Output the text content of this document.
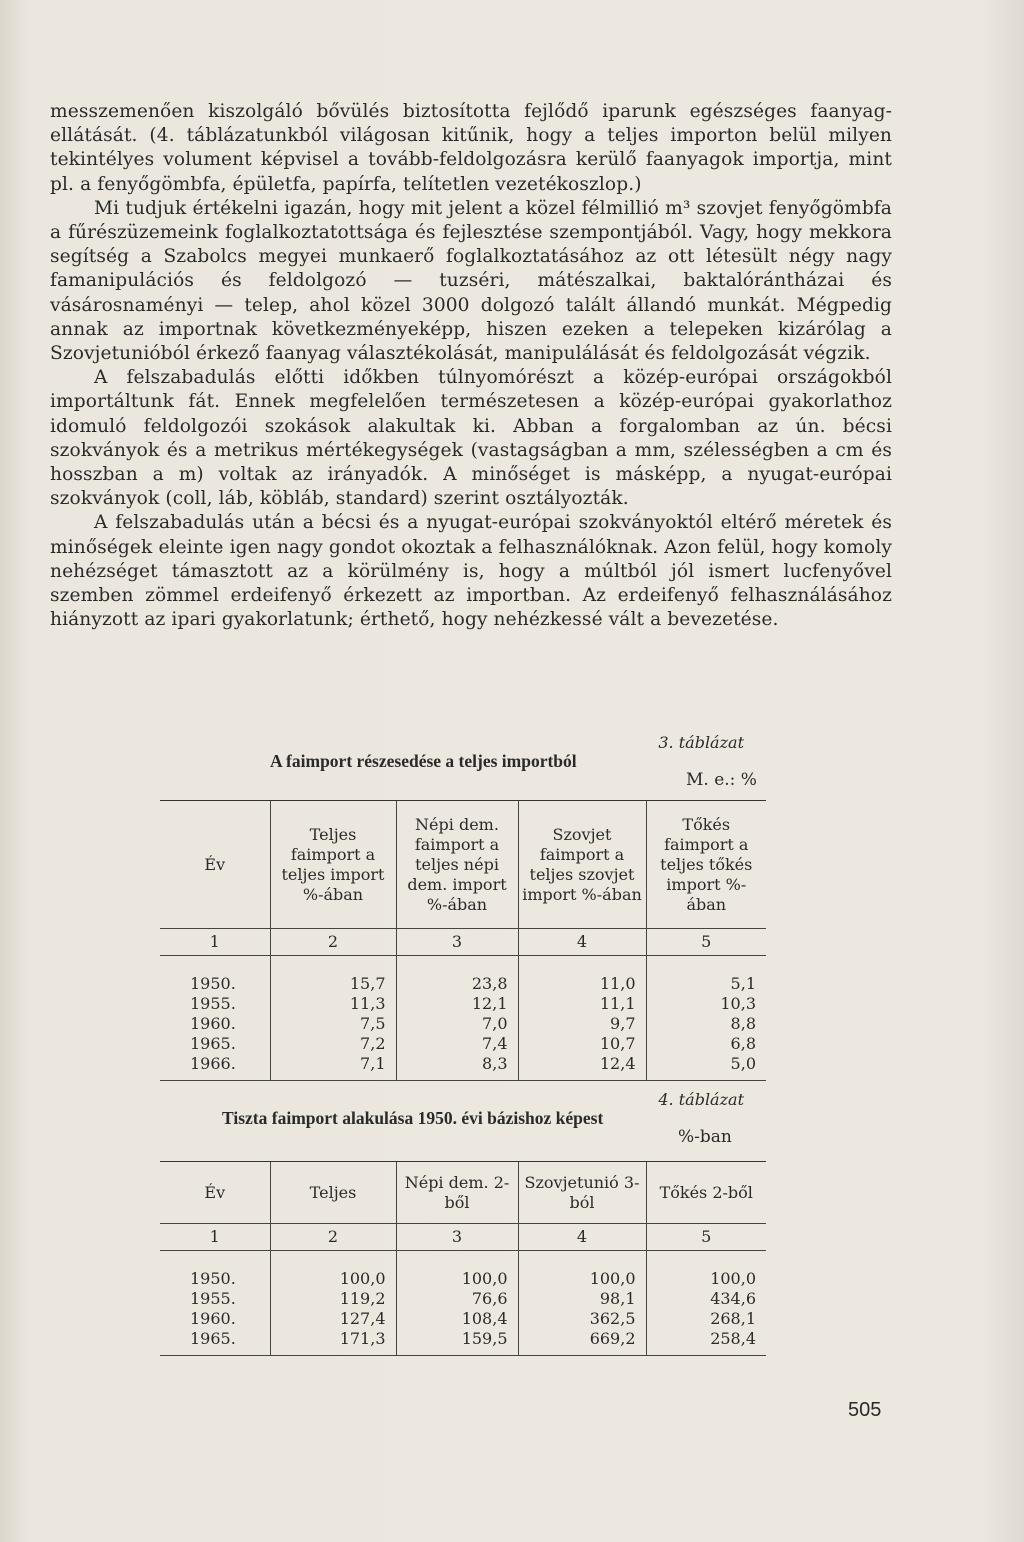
messzemenően kiszolgáló bővülés biztosította fejlődő iparunk egészséges faanyag-ellátását. (4. táblázatunkból világosan kitűnik, hogy a teljes importon belül milyen tekintélyes volument képvisel a tovább-feldolgozásra kerülő faanyagok importja, mint pl. a fenyőgömbfa, épületfa, papírfa, telítetlen vezetékoszlop.)

Mi tudjuk értékelni igazán, hogy mit jelent a közel félmillió m³ szovjet fenyőgömbfa a fűrészüzemeink foglalkoztatottsága és fejlesztése szempontjából. Vagy, hogy mekkora segítség a Szabolcs megyei munkaerő foglalkoztatásához az ott létesült négy nagy famanipulációs és feldolgozó — tuzséri, mátészalkai, baktalórántházai és vásárosnaményi — telep, ahol közel 3000 dolgozó talált állandó munkát. Mégpedig annak az importnak következményeképp, hiszen ezeken a telepeken kizárólag a Szovjetunióból érkező faanyag választékolását, manipulálását és feldolgozását végzik.

A felszabadulás előtti időkben túlnyomórészt a közép-európai országokból importáltunk fát. Ennek megfelelően természetesen a közép-európai gyakorlathoz idomuló feldolgozói szokások alakultak ki. Abban a forgalomban az ún. bécsi szokványok és a metrikus mértékegységek (vastagságban a mm, szélességben a cm és hosszban a m) voltak az irányadók. A minőséget is másképp, a nyugat-európai szokványok (coll, láb, köbláb, standard) szerint osztályozták.

A felszabadulás után a bécsi és a nyugat-európai szokványoktól eltérő méretek és minőségek eleinte igen nagy gondot okoztak a felhasználóknak. Azon felül, hogy komoly nehézséget támasztott az a körülmény is, hogy a múltból jól ismert lucfenyővel szemben zömmel erdeifenyő érkezett az importban. Az erdeifenyő felhasználásához hiányzott az ipari gyakorlatunk; érthető, hogy nehézkessé vált a bevezetése.

3. táblázat
A faimport részesedése a teljes importból
M. e.: %
Év	Teljes faimport a teljes import %-ában	Népi dem. faimport a teljes népi dem. import %-ában	Szovjet faimport a teljes szovjet import %-ában	Tőkés faimport a teljes tőkés import %-ában
1	2	3	4	5
1950.	15,7	23,8	11,0	5,1
1955.	11,3	12,1	11,1	10,3
1960.	7,5	7,0	9,7	8,8
1965.	7,2	7,4	10,7	6,8
1966.	7,1	8,3	12,4	5,0
4. táblázat
Tiszta faimport alakulása 1950. évi bázishoz képest
%-ban
Év	Teljes	Népi dem. 2-ből	Szovjetunió 3-ból	Tőkés 2-ből
1	2	3	4	5
1950.	100,0	100,0	100,0	100,0
1955.	119,2	76,6	98,1	434,6
1960.	127,4	108,4	362,5	268,1
1965.	171,3	159,5	669,2	258,4
505
